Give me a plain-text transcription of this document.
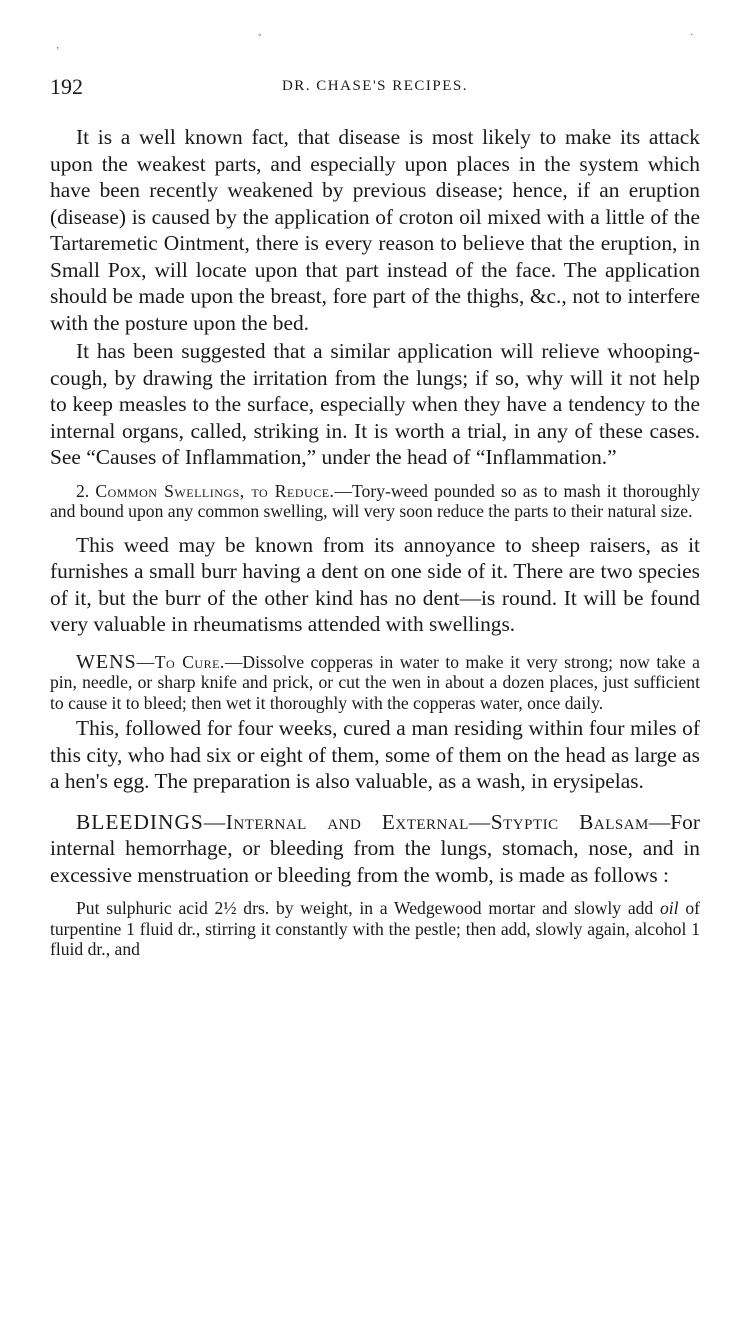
192	DR. CHASE'S RECIPES.

It is a well known fact, that disease is most likely to make its attack upon the weakest parts, and especially upon places in the system which have been recently weakened by previous disease; hence, if an eruption (disease) is caused by the application of croton oil mixed with a little of the Tartaremetic Ointment, there is every reason to believe that the eruption, in Small Pox, will locate upon that part instead of the face. The application should be made upon the breast, fore part of the thighs, &c., not to interfere with the posture upon the bed.

It has been suggested that a similar application will relieve whooping-cough, by drawing the irritation from the lungs; if so, why will it not help to keep measles to the surface, especially when they have a tendency to the internal organs, called, striking in. It is worth a trial, in any of these cases. See “Causes of Inflammation,” under the head of “Inflammation.”

2. Common Swellings, to Reduce.—Tory-weed pounded so as to mash it thoroughly and bound upon any common swelling, will very soon reduce the parts to their natural size.

This weed may be known from its annoyance to sheep raisers, as it furnishes a small burr having a dent on one side of it. There are two species of it, but the burr of the other kind has no dent—is round. It will be found very valuable in rheumatisms attended with swellings.

WENS—To Cure.—Dissolve copperas in water to make it very strong; now take a pin, needle, or sharp knife and prick, or cut the wen in about a dozen places, just sufficient to cause it to bleed; then wet it thoroughly with the copperas water, once daily.

This, followed for four weeks, cured a man residing within four miles of this city, who had six or eight of them, some of them on the head as large as a hen's egg. The preparation is also valuable, as a wash, in erysipelas.

BLEEDINGS—Internal and External—Styptic Balsam—For internal hemorrhage, or bleeding from the lungs, stomach, nose, and in excessive menstruation or bleeding from the womb, is made as follows :

Put sulphuric acid 2½ drs. by weight, in a Wedgewood mortar and slowly add oil of turpentine 1 fluid dr., stirring it constantly with the pestle; then add, slowly again, alcohol 1 fluid dr., and

◦	·
’
